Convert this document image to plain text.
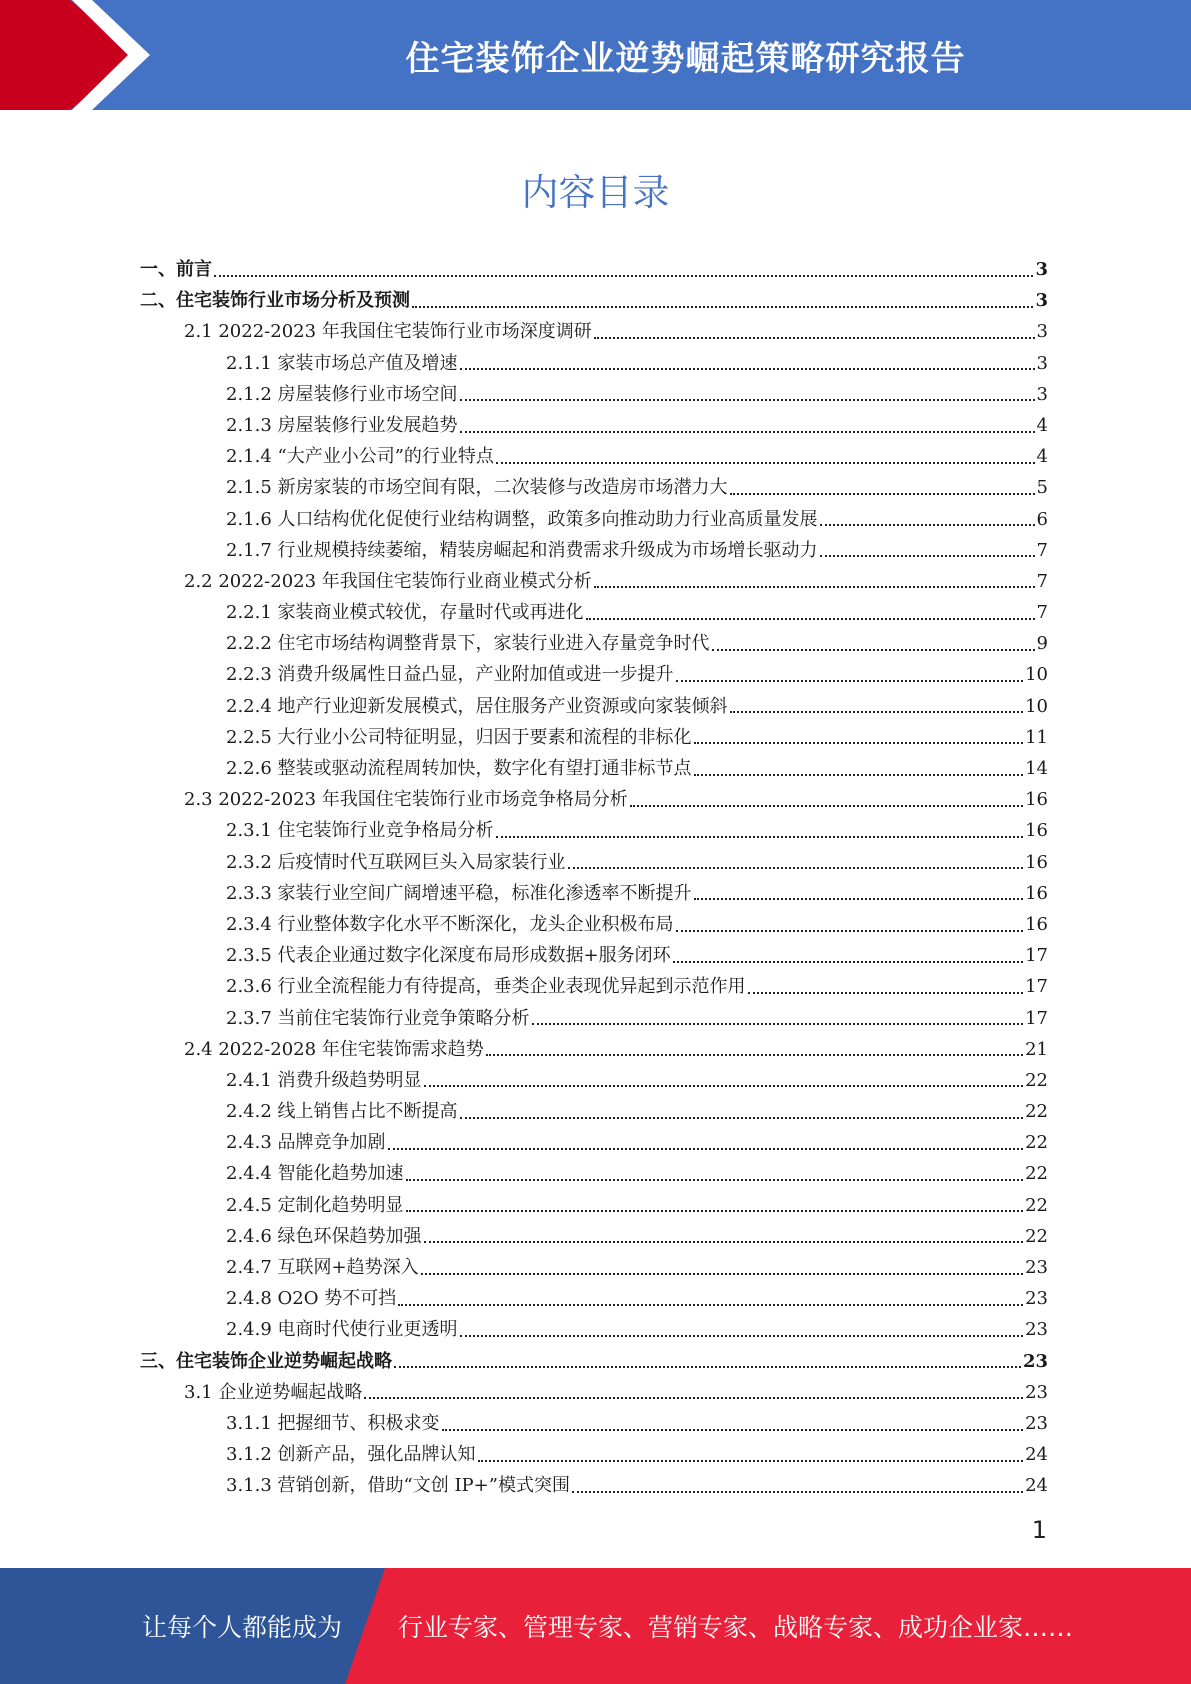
住宅装饰企业逆势崛起策略研究报告
内容目录
一、前言	3
二、住宅装饰行业市场分析及预测	3
2.1 2022-2023 年我国住宅装饰行业市场深度调研	3
2.1.1 家装市场总产值及增速	3
2.1.2 房屋装修行业市场空间	3
2.1.3 房屋装修行业发展趋势	4
2.1.4 “大产业小公司”的行业特点	4
2.1.5 新房家装的市场空间有限，二次装修与改造房市场潜力大	5
2.1.6 人口结构优化促使行业结构调整，政策多向推动助力行业高质量发展	6
2.1.7 行业规模持续萎缩，精装房崛起和消费需求升级成为市场增长驱动力	7
2.2 2022-2023 年我国住宅装饰行业商业模式分析	7
2.2.1 家装商业模式较优，存量时代或再进化	7
2.2.2 住宅市场结构调整背景下，家装行业进入存量竞争时代	9
2.2.3 消费升级属性日益凸显，产业附加值或进一步提升	10
2.2.4 地产行业迎新发展模式，居住服务产业资源或向家装倾斜	10
2.2.5 大行业小公司特征明显，归因于要素和流程的非标化	11
2.2.6 整装或驱动流程周转加快，数字化有望打通非标节点	14
2.3 2022-2023 年我国住宅装饰行业市场竞争格局分析	16
2.3.1 住宅装饰行业竞争格局分析	16
2.3.2 后疫情时代互联网巨头入局家装行业	16
2.3.3 家装行业空间广阔增速平稳，标准化渗透率不断提升	16
2.3.4 行业整体数字化水平不断深化，龙头企业积极布局	16
2.3.5 代表企业通过数字化深度布局形成数据+服务闭环	17
2.3.6 行业全流程能力有待提高，垂类企业表现优异起到示范作用	17
2.3.7 当前住宅装饰行业竞争策略分析	17
2.4 2022-2028 年住宅装饰需求趋势	21
2.4.1 消费升级趋势明显	22
2.4.2 线上销售占比不断提高	22
2.4.3 品牌竞争加剧	22
2.4.4 智能化趋势加速	22
2.4.5 定制化趋势明显	22
2.4.6 绿色环保趋势加强	22
2.4.7 互联网+趋势深入	23
2.4.8 O2O 势不可挡	23
2.4.9 电商时代使行业更透明	23
三、住宅装饰企业逆势崛起战略	23
3.1 企业逆势崛起战略	23
3.1.1 把握细节、积极求变	23
3.1.2 创新产品，强化品牌认知	24
3.1.3 营销创新，借助“文创 IP+”模式突围	24
1
让每个人都能成为 行业专家、管理专家、营销专家、战略专家、成功企业家……
